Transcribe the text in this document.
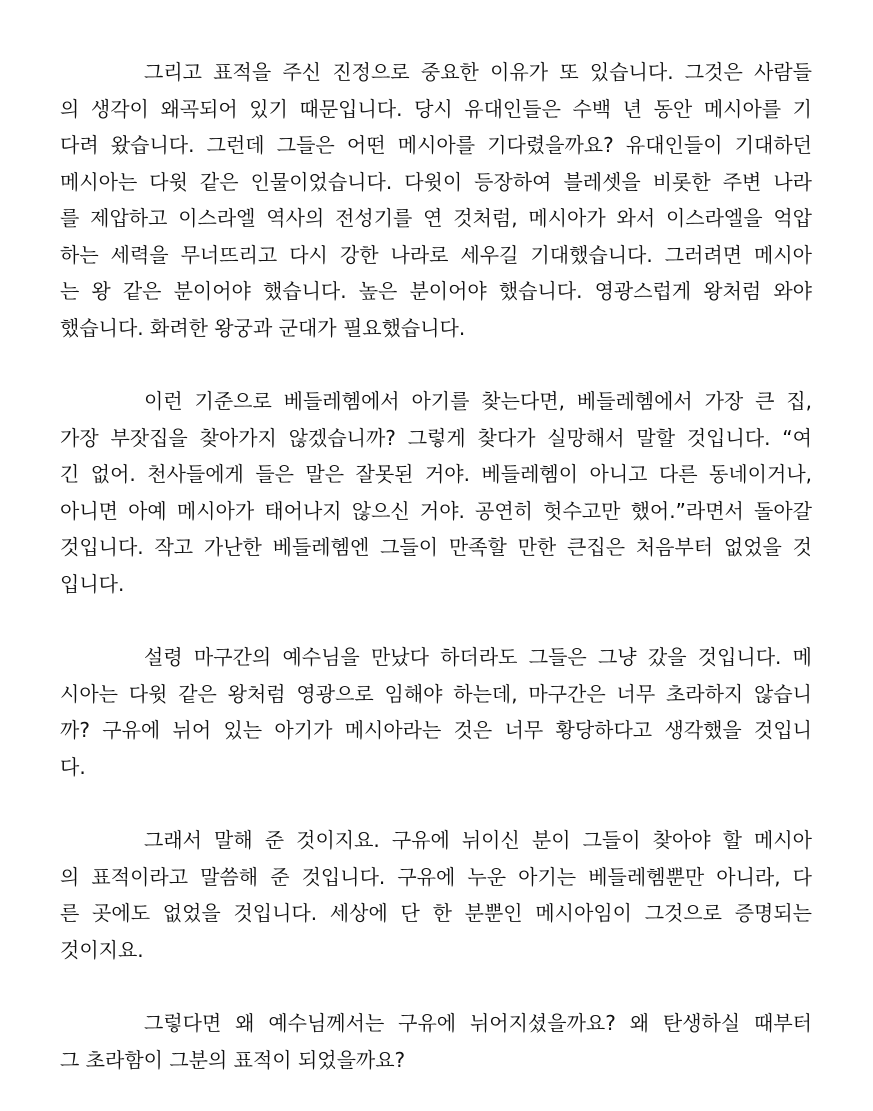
그리고 표적을 주신 진정으로 중요한 이유가 또 있습니다. 그것은 사람들
의 생각이 왜곡되어 있기 때문입니다. 당시 유대인들은 수백 년 동안 메시아를 기
다려 왔습니다. 그런데 그들은 어떤 메시아를 기다렸을까요? 유대인들이 기대하던
메시아는 다윗 같은 인물이었습니다. 다윗이 등장하여 블레셋을 비롯한 주변 나라
를 제압하고 이스라엘 역사의 전성기를 연 것처럼, 메시아가 와서 이스라엘을 억압
하는 세력을 무너뜨리고 다시 강한 나라로 세우길 기대했습니다. 그러려면 메시아
는 왕 같은 분이어야 했습니다. 높은 분이어야 했습니다. 영광스럽게 왕처럼 와야
했습니다. 화려한 왕궁과 군대가 필요했습니다.
이런 기준으로 베들레헴에서 아기를 찾는다면, 베들레헴에서 가장 큰 집,
가장 부잣집을 찾아가지 않겠습니까? 그렇게 찾다가 실망해서 말할 것입니다. “여
긴 없어. 천사들에게 들은 말은 잘못된 거야. 베들레헴이 아니고 다른 동네이거나,
아니면 아예 메시아가 태어나지 않으신 거야. 공연히 헛수고만 했어.”라면서 돌아갈
것입니다. 작고 가난한 베들레헴엔 그들이 만족할 만한 큰집은 처음부터 없었을 것
입니다.
설령 마구간의 예수님을 만났다 하더라도 그들은 그냥 갔을 것입니다. 메
시아는 다윗 같은 왕처럼 영광으로 임해야 하는데, 마구간은 너무 초라하지 않습니
까? 구유에 뉘어 있는 아기가 메시아라는 것은 너무 황당하다고 생각했을 것입니
다.
그래서 말해 준 것이지요. 구유에 뉘이신 분이 그들이 찾아야 할 메시아
의 표적이라고 말씀해 준 것입니다. 구유에 누운 아기는 베들레헴뿐만 아니라, 다
른 곳에도 없었을 것입니다. 세상에 단 한 분뿐인 메시아임이 그것으로 증명되는
것이지요.
그렇다면 왜 예수님께서는 구유에 뉘어지셨을까요? 왜 탄생하실 때부터
그 초라함이 그분의 표적이 되었을까요?
